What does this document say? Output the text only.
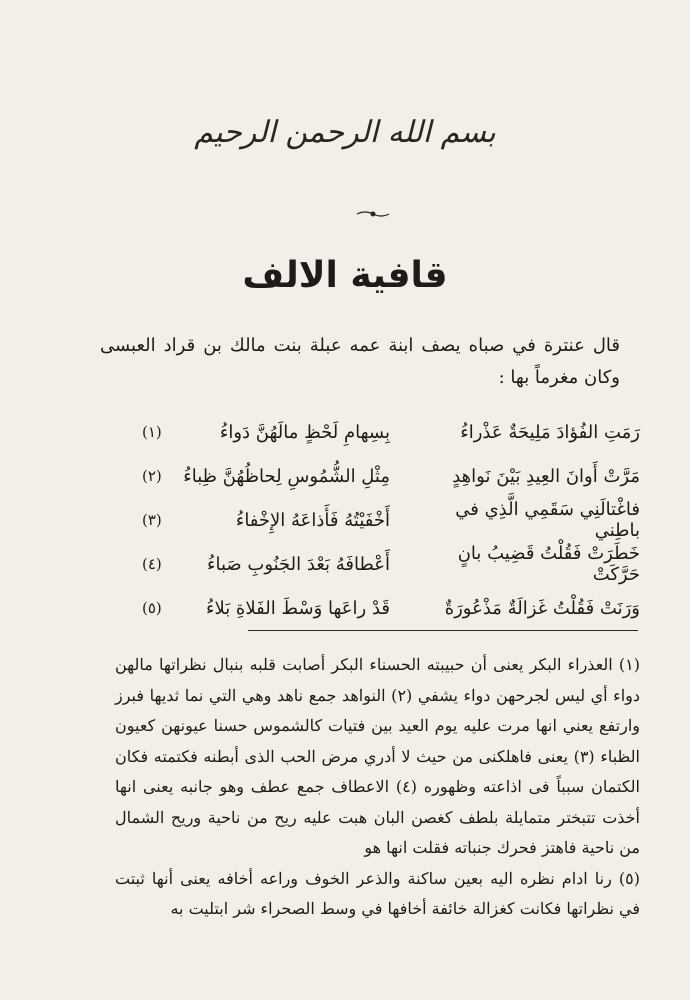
بسم الله الرحمن الرحيم
قافية الالف
قال عنترة في صباه يصف ابنة عمه عبلة بنت مالك بن قراد العبسى وكان مغرماً بها :
رَمَتِ الفُؤادَ مَلِيحَةٌ عَذْراءُ
بِسِهامِ لَحْظٍ مالَهُنَّ دَواءُ
(١)
مَرَّتْ أَوانَ العِيدِ بَيْنَ نَواهِدٍ
مِثْلِ الشُّمُوسِ لِحاظُهُنَّ ظِباءُ
(٢)
فاغْتالَنِي سَقَمِي الَّذِي في باطِني
أَخْفَيْتُهُ فَأَذاعَهُ الإِخْفاءُ
(٣)
خَطَرَتْ فَقُلْتُ قَضِيبُ بانٍ حَرَّكَتْ
أَعْطافَهُ بَعْدَ الجَنُوبِ صَباءُ
(٤)
وَرَنَتْ فَقُلْتُ غَزالَةٌ مَذْعُورَةٌ
قَدْ راعَها وَسْطَ الفَلاةِ بَلاءُ
(٥)

(١) العذراء البكر يعنى أن حبيبته الحسناء البكر أصابت قلبه بنبال نظراتها مالهن دواء أي ليس لجرحهن دواء يشفي (٢) النواهد جمع ناهد وهي التي نما ثديها فبرز وارتفع يعني انها مرت عليه يوم العيد بين فتيات كالشموس حسنا عيونهن كعيون الظباء (٣) يعنى فاهلكنى من حيث لا أدري مرض الحب الذى أبطنه فكتمته فكان الكتمان سبباً فى اذاعته وظهوره (٤) الاعطاف جمع عطف وهو جانبه يعنى انها أخذت تتبختر متمايلة بلطف كغصن البان هبت عليه ريح من ناحية وريح الشمال من ناحية فاهتز فحرك جنباته فقلت انها هو

(٥) رنا ادام نظره اليه بعين ساكنة والذعر الخوف وراعه أخافه يعنى أنها ثبتت في نظراتها فكانت كغزالة خائفة أخافها في وسط الصحراء شر ابتليت به
